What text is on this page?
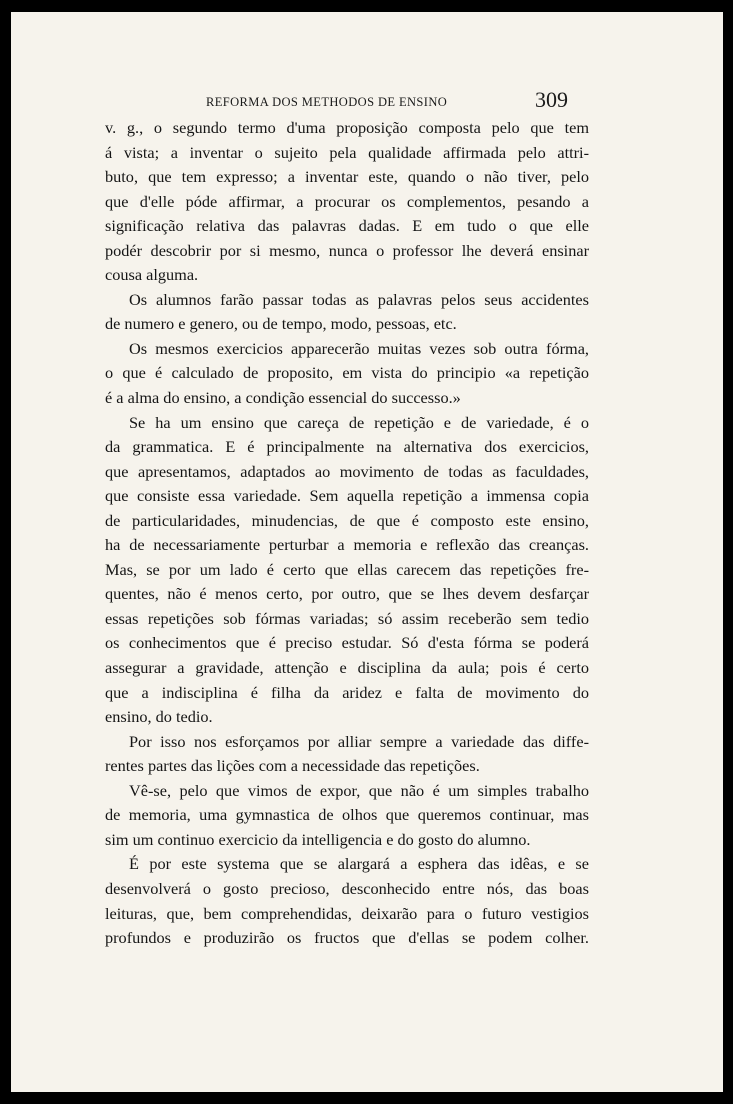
REFORMA DOS METHODOS DE ENSINO	309

v. g., o segundo termo d'uma proposição composta pelo que tem
á vista; a inventar o sujeito pela qualidade affirmada pelo attri-
buto, que tem expresso; a inventar este, quando o não tiver, pelo
que d'elle póde affirmar, a procurar os complementos, pesando a
significação relativa das palavras dadas. E em tudo o que elle
podér descobrir por si mesmo, nunca o professor lhe deverá ensinar
cousa alguma.

Os alumnos farão passar todas as palavras pelos seus accidentes
de numero e genero, ou de tempo, modo, pessoas, etc.

Os mesmos exercicios apparecerão muitas vezes sob outra fórma,
o que é calculado de proposito, em vista do principio «a repetição
é a alma do ensino, a condição essencial do successo.»

Se ha um ensino que careça de repetição e de variedade, é o
da grammatica. E é principalmente na alternativa dos exercicios,
que apresentamos, adaptados ao movimento de todas as faculdades,
que consiste essa variedade. Sem aquella repetição a immensa copia
de particularidades, minudencias, de que é composto este ensino,
ha de necessariamente perturbar a memoria e reflexão das creanças.
Mas, se por um lado é certo que ellas carecem das repetições fre-
quentes, não é menos certo, por outro, que se lhes devem desfarçar
essas repetições sob fórmas variadas; só assim receberão sem tedio
os conhecimentos que é preciso estudar. Só d'esta fórma se poderá
assegurar a gravidade, attenção e disciplina da aula; pois é certo
que a indisciplina é filha da aridez e falta de movimento do
ensino, do tedio.

Por isso nos esforçamos por alliar sempre a variedade das diffe-
rentes partes das lições com a necessidade das repetições.

Vê-se, pelo que vimos de expor, que não é um simples trabalho
de memoria, uma gymnastica de olhos que queremos continuar, mas
sim um continuo exercicio da intelligencia e do gosto do alumno.

É por este systema que se alargará a esphera das idêas, e se
desenvolverá o gosto precioso, desconhecido entre nós, das boas
leituras, que, bem comprehendidas, deixarão para o futuro vestigios
profundos e produzirão os fructos que d'ellas se podem colher.
